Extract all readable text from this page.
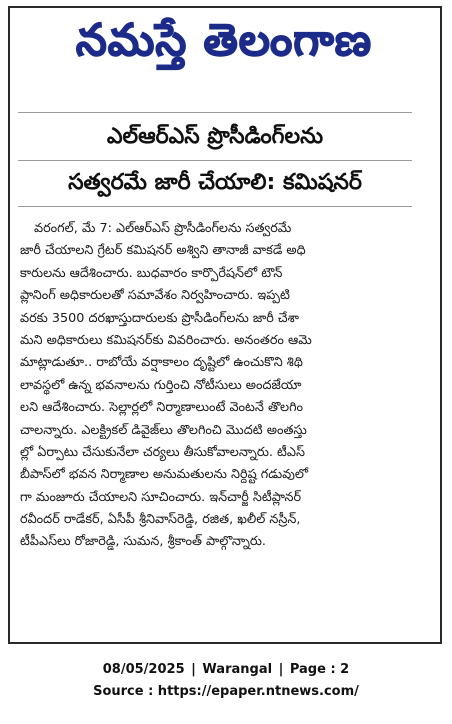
నమస్తే తెలంగాణ
ఎల్‌ఆర్‌ఎస్‌ ప్రొసీడింగ్‌లను
సత్వరమే జారీ చేయాలి: కమిషనర్‌
వరంగల్‌, మే 7: ఎల్‌ఆర్‌ఎస్‌ ప్రొసీడింగ్‌లను సత్వరమే
జారీ చేయాలని గ్రేటర్‌ కమిషనర్‌ అశ్విని తానాజీ వాకడే అధి
కారులను ఆదేశించారు. బుధవారం కార్పొరేషన్‌లో టౌన్‌
ప్లానింగ్‌ అధికారులతో సమావేశం నిర్వహించారు. ఇప్పటి
వరకు 3500 దరఖాస్తుదారులకు ప్రొసీడింగ్‌లను జారీ చేశా
మని అధికారులు కమిషనర్‌కు వివరించారు. అనంతరం ఆమె
మాట్లాడుతూ.. రాబోయే వర్షాకాలం దృష్టిలో ఉంచుకొని శిథి
లావస్థలో ఉన్న భవనాలను గుర్తించి నోటీసులు అందజేయా
లని ఆదేశించారు. సెల్లార్లలో నిర్మాణాలుంటే వెంటనే తొలగిం
చాలన్నారు. ఎలక్ట్రికల్‌ డివైజ్‌లు తొలగించి మొదటి అంతస్తు
ల్లో ఏర్పాటు చేసుకునేలా చర్యలు తీసుకోవాలన్నారు. టీఎస్‌
బీపాస్‌లో భవన నిర్మాణాల అనుమతులను నిర్దిష్ట గడువులో
గా మంజూరు చేయాలని సూచించారు. ఇన్‌చార్జీ సిటీప్లానర్‌
రవీందర్‌ రాడేకర్‌, ఏసీపీ శ్రీనివాస్‌రెడ్డి, రజిత, ఖలీల్‌ నస్రీన్‌,
టీపీఎస్‌లు రోజారెడ్డి, సుమన, శ్రీకాంత్‌ పాల్గొన్నారు.
08/05/2025 | Warangal | Page : 2
Source : https://epaper.ntnews.com/
